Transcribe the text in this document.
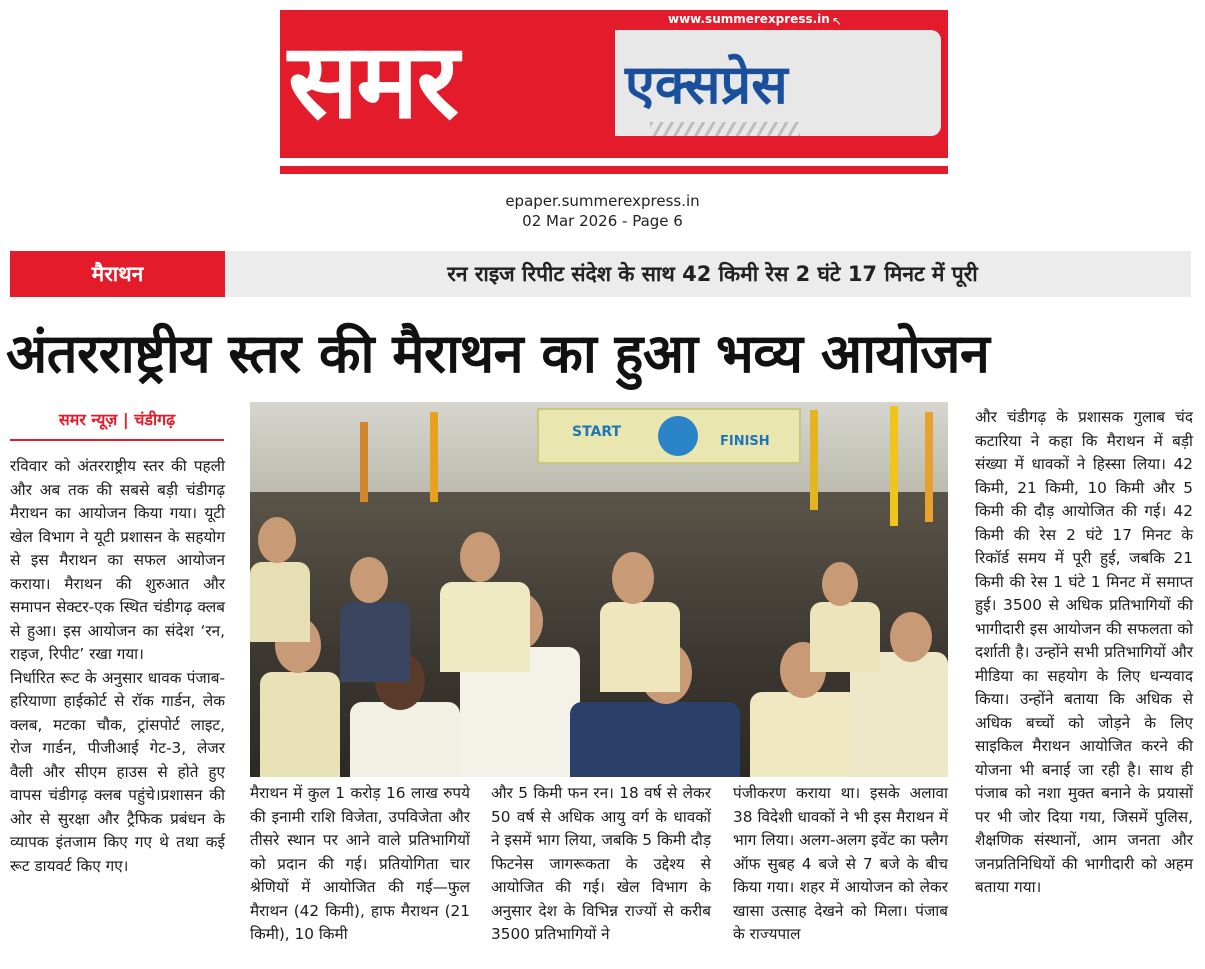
समर	एक्सप्रेस
www.summerexpress.in ↖
epaper.summerexpress.in
02 Mar 2026 - Page 6
मैराथन	रन राइज रिपीट संदेश के साथ 42 किमी रेस 2 घंटे 17 मिनट में पूरी
अंतरराष्ट्रीय स्तर की मैराथन का हुआ भव्य आयोजन
समर न्यूज़ | चंडीगढ़

रविवार को अंतरराष्ट्रीय स्तर की पहली और अब तक की सबसे बड़ी चंडीगढ़ मैराथन का आयोजन किया गया। यूटी खेल विभाग ने यूटी प्रशासन के सहयोग से इस मैराथन का सफल आयोजन कराया। मैराथन की शुरुआत और समापन सेक्टर-एक स्थित चंडीगढ़ क्लब से हुआ। इस आयोजन का संदेश ‘रन, राइज, रिपीट’ रखा गया।

निर्धारित रूट के अनुसार धावक पंजाब-हरियाणा हाईकोर्ट से रॉक गार्डन, लेक क्लब, मटका चौक, ट्रांसपोर्ट लाइट, रोज गार्डन, पीजीआई गेट-3, लेजर वैली और सीएम हाउस से होते हुए वापस चंडीगढ़ क्लब पहुंचे।प्रशासन की ओर से सुरक्षा और ट्रैफिक प्रबंधन के व्यापक इंतजाम किए गए थे तथा कई रूट डायवर्ट किए गए।

START
FINISH

मैराथन में कुल 1 करोड़ 16 लाख रुपये की इनामी राशि विजेता, उपविजेता और तीसरे स्थान पर आने वाले प्रतिभागियों को प्रदान की गई। प्रतियोगिता चार श्रेणियों में आयोजित की गई—फुल मैराथन (42 किमी), हाफ मैराथन (21 किमी), 10 किमी

और 5 किमी फन रन। 18 वर्ष से लेकर 50 वर्ष से अधिक आयु वर्ग के धावकों ने इसमें भाग लिया, जबकि 5 किमी दौड़ फिटनेस जागरूकता के उद्देश्य से आयोजित की गई। खेल विभाग के अनुसार देश के विभिन्न राज्यों से करीब 3500 प्रतिभागियों ने

पंजीकरण कराया था। इसके अलावा 38 विदेशी धावकों ने भी इस मैराथन में भाग लिया। अलग-अलग इवेंट का फ्लैग ऑफ सुबह 4 बजे से 7 बजे के बीच किया गया। शहर में आयोजन को लेकर खासा उत्साह देखने को मिला। पंजाब के राज्यपाल

और चंडीगढ़ के प्रशासक गुलाब चंद कटारिया ने कहा कि मैराथन में बड़ी संख्या में धावकों ने हिस्सा लिया। 42 किमी, 21 किमी, 10 किमी और 5 किमी की दौड़ आयोजित की गई। 42 किमी की रेस 2 घंटे 17 मिनट के रिकॉर्ड समय में पूरी हुई, जबकि 21 किमी की रेस 1 घंटे 1 मिनट में समाप्त हुई। 3500 से अधिक प्रतिभागियों की भागीदारी इस आयोजन की सफलता को दर्शाती है। उन्होंने सभी प्रतिभागियों और मीडिया का सहयोग के लिए धन्यवाद किया। उन्होंने बताया कि अधिक से अधिक बच्चों को जोड़ने के लिए साइकिल मैराथन आयोजित करने की योजना भी बनाई जा रही है। साथ ही पंजाब को नशा मुक्त बनाने के प्रयासों पर भी जोर दिया गया, जिसमें पुलिस, शैक्षणिक संस्थानों, आम जनता और जनप्रतिनिधियों की भागीदारी को अहम बताया गया।
